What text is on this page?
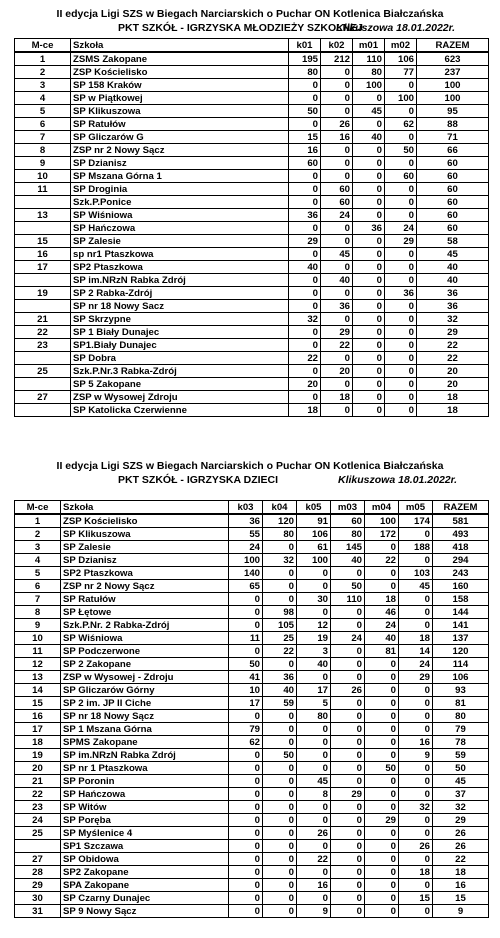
II edycja Ligi SZS w Biegach Narciarskich o Puchar ON Kotlenica Białczańska
PKT SZKÓŁ - IGRZYSKA MŁODZIEŻY SZKOLNEJ
Klikuszowa 18.01.2022r.
M-ce	Szkoła	k01	k02	m01	m02	RAZEM
1	ZSMS Zakopane	195	212	110	106	623
2	ZSP Kościelisko	80	0	80	77	237
3	SP 158 Kraków	0	0	100	0	100
4	SP w Piątkowej	0	0	0	100	100
5	SP Klikuszowa	50	0	45	0	95
6	SP Ratułów	0	26	0	62	88
7	SP Gliczarów G	15	16	40	0	71
8	ZSP nr 2 Nowy Sącz	16	0	0	50	66
9	SP Dzianisz	60	0	0	0	60
10	SP Mszana Górna 1	0	0	0	60	60
11	SP Droginia	0	60	0	0	60
	Szk.P.Ponice	0	60	0	0	60
13	SP Wiśniowa	36	24	0	0	60
	SP Hańczowa	0	0	36	24	60
15	SP Zalesie	29	0	0	29	58
16	sp nr1 Ptaszkowa	0	45	0	0	45
17	SP2 Ptaszkowa	40	0	0	0	40
	SP im.NRzN Rabka Zdrój	0	40	0	0	40
19	SP 2 Rabka-Zdrój	0	0	0	36	36
	SP nr 18 Nowy Sacz	0	36	0	0	36
21	SP Skrzypne	32	0	0	0	32
22	SP 1 Biały Dunajec	0	29	0	0	29
23	SP1.Biały Dunajec	0	22	0	0	22
	SP Dobra	22	0	0	0	22
25	Szk.P.Nr.3 Rabka-Zdrój	0	20	0	0	20
	SP 5 Zakopane	20	0	0	0	20
27	ZSP w Wysowej Zdroju	0	18	0	0	18
	SP Katolicka Czerwienne	18	0	0	0	18
II edycja Ligi SZS w Biegach Narciarskich o Puchar ON Kotlenica Białczańska
PKT SZKÓŁ - IGRZYSKA DZIECI	Klikuszowa 18.01.2022r.
M-ce	Szkoła	k03	k04	k05	m03	m04	m05	RAZEM
1	ZSP Kościelisko	36	120	91	60	100	174	581
2	SP Klikuszowa	55	80	106	80	172	0	493
3	SP Zalesie	24	0	61	145	0	188	418
4	SP Dzianisz	100	32	100	40	22	0	294
5	SP2 Ptaszkowa	140	0	0	0	0	103	243
6	ZSP nr 2 Nowy Sącz	65	0	0	50	0	45	160
7	SP Ratułów	0	0	30	110	18	0	158
8	SP Łętowe	0	98	0	0	46	0	144
9	Szk.P.Nr. 2 Rabka-Zdrój	0	105	12	0	24	0	141
10	SP Wiśniowa	11	25	19	24	40	18	137
11	SP Podczerwone	0	22	3	0	81	14	120
12	SP 2 Zakopane	50	0	40	0	0	24	114
13	ZSP w Wysowej - Zdroju	41	36	0	0	0	29	106
14	SP Gliczarów Górny	10	40	17	26	0	0	93
15	SP 2 im. JP II Ciche	17	59	5	0	0	0	81
16	SP nr 18 Nowy Sącz	0	0	80	0	0	0	80
17	SP 1 Mszana Górna	79	0	0	0	0	0	79
18	SPMS Zakopane	62	0	0	0	0	16	78
19	SP im.NRzN Rabka Zdrój	0	50	0	0	0	9	59
20	SP nr 1 Ptaszkowa	0	0	0	0	50	0	50
21	SP Poronin	0	0	45	0	0	0	45
22	SP Hańczowa	0	0	8	29	0	0	37
23	SP Witów	0	0	0	0	0	32	32
24	SP Poręba	0	0	0	0	29	0	29
25	SP Myślenice 4	0	0	26	0	0	0	26
	SP1 Szczawa	0	0	0	0	0	26	26
27	SP Obidowa	0	0	22	0	0	0	22
28	SP2 Zakopane	0	0	0	0	0	18	18
29	SPA Zakopane	0	0	16	0	0	0	16
30	SP Czarny Dunajec	0	0	0	0	0	15	15
31	SP 9 Nowy Sącz	0	0	9	0	0	0	9
